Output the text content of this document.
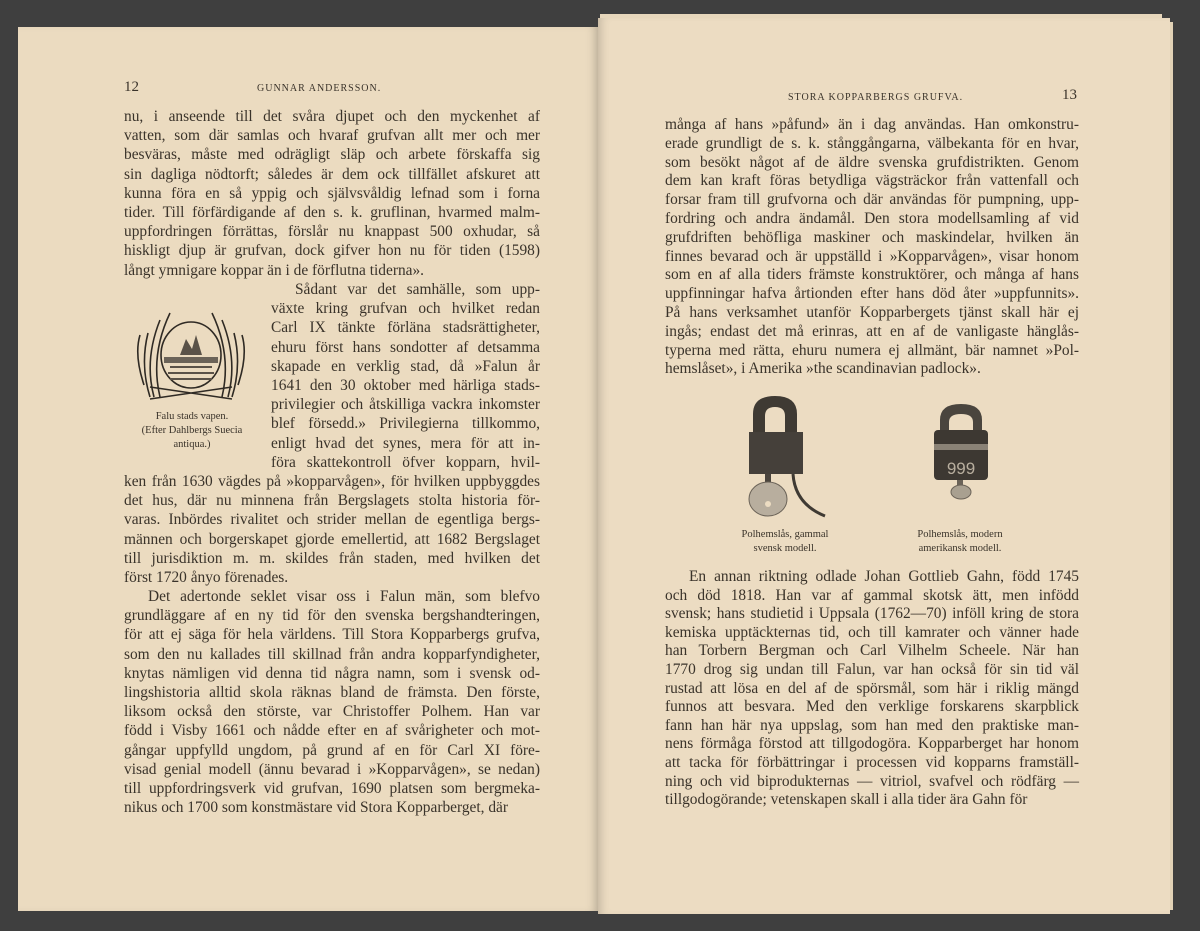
12	GUNNAR ANDERSSON.
nu, i anseende till det svåra djupet och den myckenhet af
vatten, som där samlas och hvaraf grufvan allt mer och mer
besväras, måste med odrägligt släp och arbete förskaffa sig
sin dagliga nödtorft; således är dem ock tillfället afskuret att
kunna föra en så yppig och självsvåldig lefnad som i forna
tider. Till förfärdigande af den s. k. gruflinan, hvarmed malm-
uppfordringen förrättas, förslår nu knappast 500 oxhudar, så
hiskligt djup är grufvan, dock gifver hon nu för tiden (1598)
långt ymnigare koppar än i de förflutna tiderna».
Sådant var det samhälle, som upp-
växte kring grufvan och hvilket redan
Carl IX tänkte förläna stadsrättigheter,
ehuru först hans sondotter af detsamma
skapade en verklig stad, då »Falun år
1641 den 30 oktober med härliga stads-
privilegier och åtskilliga vackra inkomster
blef försedd.» Privilegierna tillkommo,
enligt hvad det synes, mera för att in-
föra skattekontroll öfver kopparn, hvil-
ken från 1630 vägdes på »kopparvågen», för hvilken uppbyggdes
det hus, där nu minnena från Bergslagets stolta historia för-
varas. Inbördes rivalitet och strider mellan de egentliga bergs-
männen och borgerskapet gjorde emellertid, att 1682 Bergslaget
till jurisdiktion m. m. skildes från staden, med hvilken det
först 1720 ånyo förenades.
Det adertonde seklet visar oss i Falun män, som blefvo
grundläggare af en ny tid för den svenska bergshandteringen,
för att ej säga för hela världens. Till Stora Kopparbergs grufva,
som den nu kallades till skillnad från andra kopparfyndigheter,
knytas nämligen vid denna tid några namn, som i svensk od-
lingshistoria alltid skola räknas bland de främsta. Den förste,
liksom också den störste, var Christoffer Polhem. Han var
född i Visby 1661 och nådde efter en af svårigheter och mot-
gångar uppfylld ungdom, på grund af en för Carl XI före-
visad genial modell (ännu bevarad i »Kopparvågen», se nedan)
till uppfordringsverk vid grufvan, 1690 platsen som bergmeka-
nikus och 1700 som konstmästare vid Stora Kopparberget, där
Falu stads vapen.
(Efter Dahlbergs Suecia
antiqua.)
STORA KOPPARBERGS GRUFVA.	13
många af hans »påfund» än i dag användas. Han omkonstru-
erade grundligt de s. k. stånggångarna, välbekanta för en hvar,
som besökt något af de äldre svenska grufdistrikten. Genom
dem kan kraft föras betydliga vägsträckor från vattenfall och
forsar fram till grufvorna och där användas för pumpning, upp-
fordring och andra ändamål. Den stora modellsamling af vid
grufdriften behöfliga maskiner och maskindelar, hvilken än
finnes bevarad och är uppställd i »Kopparvågen», visar honom
som en af alla tiders främste konstruktörer, och många af hans
uppfinningar hafva årtionden efter hans död åter »uppfunnits».
På hans verksamhet utanför Kopparbergets tjänst skall här ej
ingås; endast det må erinras, att en af de vanligaste hänglås-
typerna med rätta, ehuru numera ej allmänt, bär namnet »Pol-
hemslåset», i Amerika »the scandinavian padlock».
999
Polhemslås, gammal
svensk modell.
Polhemslås, modern
amerikansk modell.
En annan riktning odlade Johan Gottlieb Gahn, född 1745
och död 1818. Han var af gammal skotsk ätt, men infödd
svensk; hans studietid i Uppsala (1762—70) inföll kring de stora
kemiska upptäckternas tid, och till kamrater och vänner hade
han Torbern Bergman och Carl Vilhelm Scheele. När han
1770 drog sig undan till Falun, var han också för sin tid väl
rustad att lösa en del af de spörsmål, som här i riklig mängd
funnos att besvara. Med den verklige forskarens skarpblick
fann han här nya uppslag, som han med den praktiske man-
nens förmåga förstod att tillgodogöra. Kopparberget har honom
att tacka för förbättringar i processen vid kopparns framställ-
ning och vid biprodukternas — vitriol, svafvel och rödfärg —
tillgodogörande; vetenskapen skall i alla tider ära Gahn för
